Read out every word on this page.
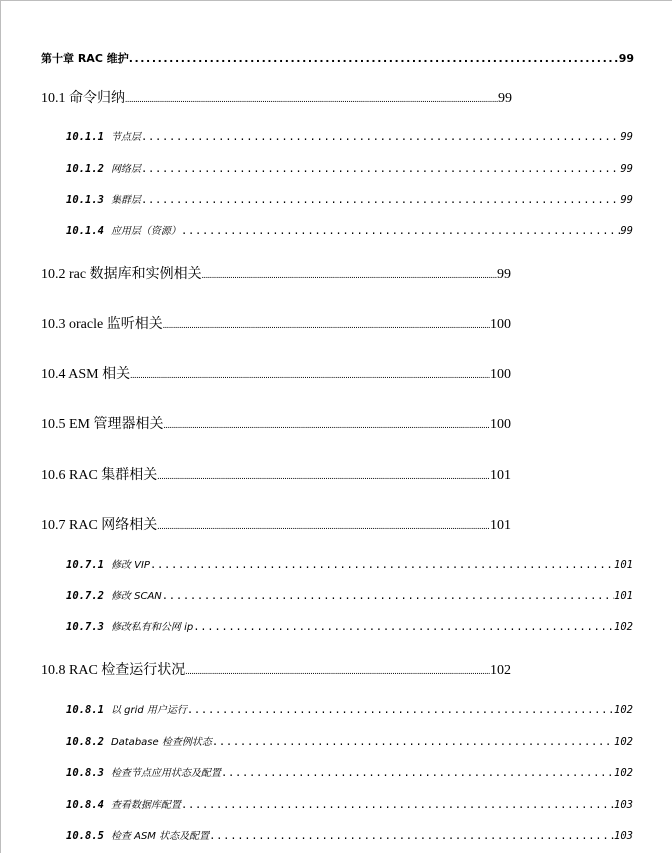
第十章 RAC 维护 .....	99
10.1 命令归纳 .....	99
10.1.1 节点层 .....	99
10.1.2 网络层 .....	99
10.1.3 集群层 .....	99
10.1.4 应用层（资源） .....	99
10.2 rac 数据库和实例相关 .....	99
10.3 oracle 监听相关 .....	100
10.4 ASM 相关 .....	100
10.5 EM 管理器相关 .....	100
10.6 RAC 集群相关 .....	101
10.7 RAC 网络相关 .....	101
10.7.1 修改 VIP .....	101
10.7.2 修改 SCAN .....	101
10.7.3 修改私有和公网 ip .....	102
10.8 RAC 检查运行状况 .....	102
10.8.1 以 grid 用户运行 .....	102
10.8.2 Database 检查例状态 .....	102
10.8.3 检查节点应用状态及配置 .....	102
10.8.4 查看数据库配置 .....	103
10.8.5 检查 ASM 状态及配置 .....	103
